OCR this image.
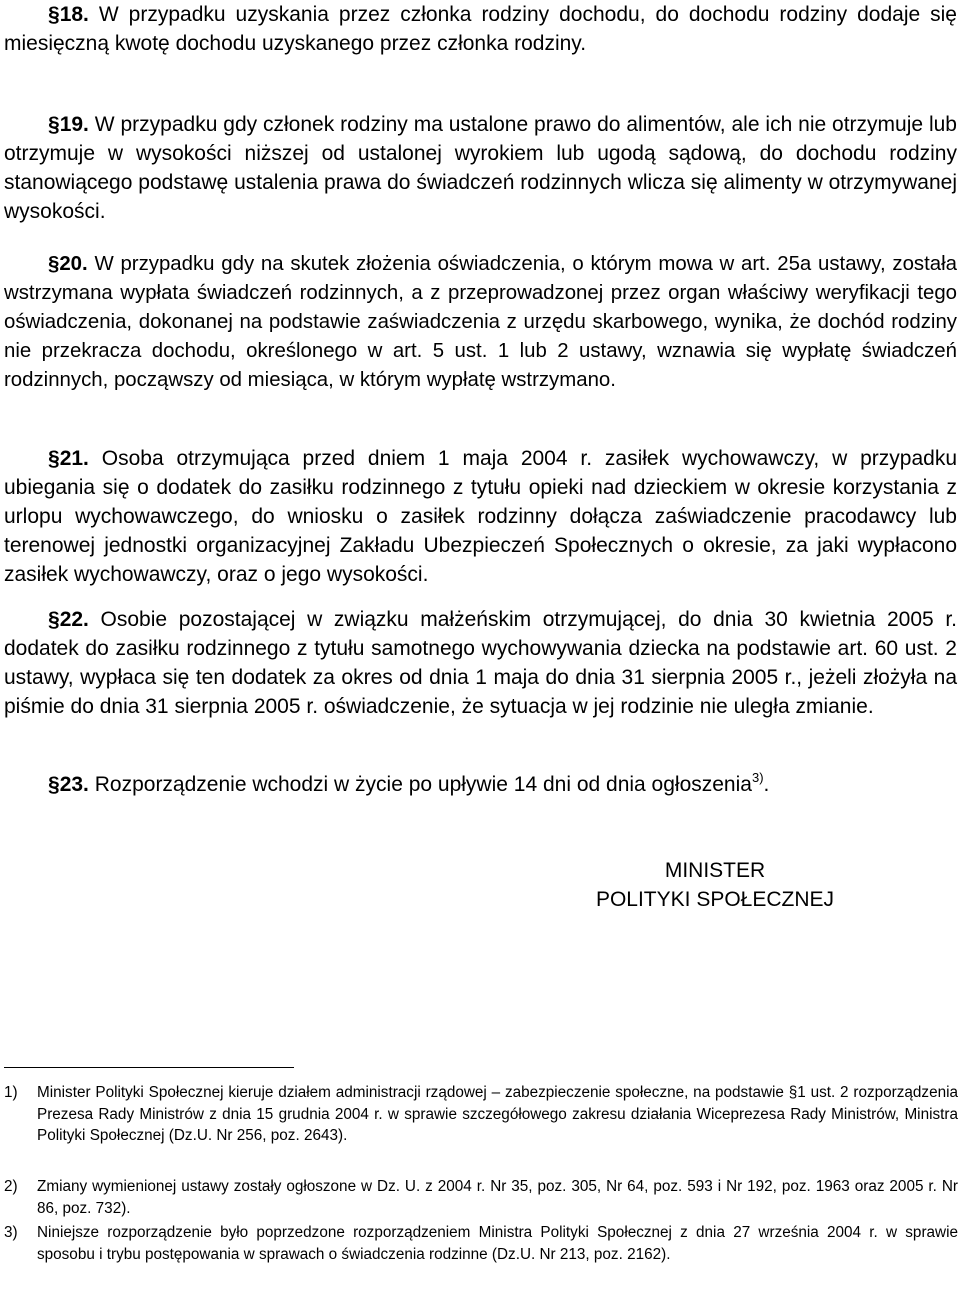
§18. W przypadku uzyskania przez członka rodziny dochodu, do dochodu rodziny dodaje się miesięczną kwotę dochodu uzyskanego przez członka rodziny.

§19. W przypadku gdy członek rodziny ma ustalone prawo do alimentów, ale ich nie otrzymuje lub otrzymuje w wysokości niższej od ustalonej wyrokiem lub ugodą sądową, do dochodu rodziny stanowiącego podstawę ustalenia prawa do świadczeń rodzinnych wlicza się alimenty w otrzymywanej wysokości.

§20. W przypadku gdy na skutek złożenia oświadczenia, o którym mowa w art. 25a ustawy, została wstrzymana wypłata świadczeń rodzinnych, a z przeprowadzonej przez organ właściwy weryfikacji tego oświadczenia, dokonanej na podstawie zaświadczenia z urzędu skarbowego, wynika, że dochód rodziny nie przekracza dochodu, określonego w art. 5 ust. 1 lub 2 ustawy, wznawia się wypłatę świadczeń rodzinnych, począwszy od miesiąca, w którym wypłatę wstrzymano.

§21. Osoba otrzymująca przed dniem 1 maja 2004 r. zasiłek wychowawczy, w przypadku ubiegania się o dodatek do zasiłku rodzinnego z tytułu opieki nad dzieckiem w okresie korzystania z urlopu wychowawczego, do wniosku o zasiłek rodzinny dołącza zaświadczenie pracodawcy lub terenowej jednostki organizacyjnej Zakładu Ubezpieczeń Społecznych o okresie, za jaki wypłacono zasiłek wychowawczy, oraz o jego wysokości.

§22. Osobie pozostającej w związku małżeńskim otrzymującej, do dnia 30 kwietnia 2005 r. dodatek do zasiłku rodzinnego z tytułu samotnego wychowywania dziecka na podstawie art. 60 ust. 2 ustawy, wypłaca się ten dodatek za okres od dnia 1 maja do dnia 31 sierpnia 2005 r., jeżeli złożyła na piśmie do dnia 31 sierpnia 2005 r. oświadczenie, że sytuacja w jej rodzinie nie uległa zmianie.

§23. Rozporządzenie wchodzi w życie po upływie 14 dni od dnia ogłoszenia$^{3)}$.

MINISTER
POLITYKI SPOŁECZNEJ
1) Minister Polityki Społecznej kieruje działem administracji rządowej – zabezpieczenie społeczne, na podstawie §1 ust. 2 rozporządzenia Prezesa Rady Ministrów z dnia 15 grudnia 2004 r. w sprawie szczegółowego zakresu działania Wiceprezesa Rady Ministrów, Ministra Polityki Społecznej (Dz.U. Nr 256, poz. 2643).
2) Zmiany wymienionej ustawy zostały ogłoszone w Dz. U. z 2004 r. Nr 35, poz. 305, Nr 64, poz. 593 i Nr 192, poz. 1963 oraz 2005 r. Nr 86, poz. 732).
3) Niniejsze rozporządzenie było poprzedzone rozporządzeniem Ministra Polityki Społecznej z dnia 27 września 2004 r. w sprawie sposobu i trybu postępowania w sprawach o świadczenia rodzinne (Dz.U. Nr 213, poz. 2162).
